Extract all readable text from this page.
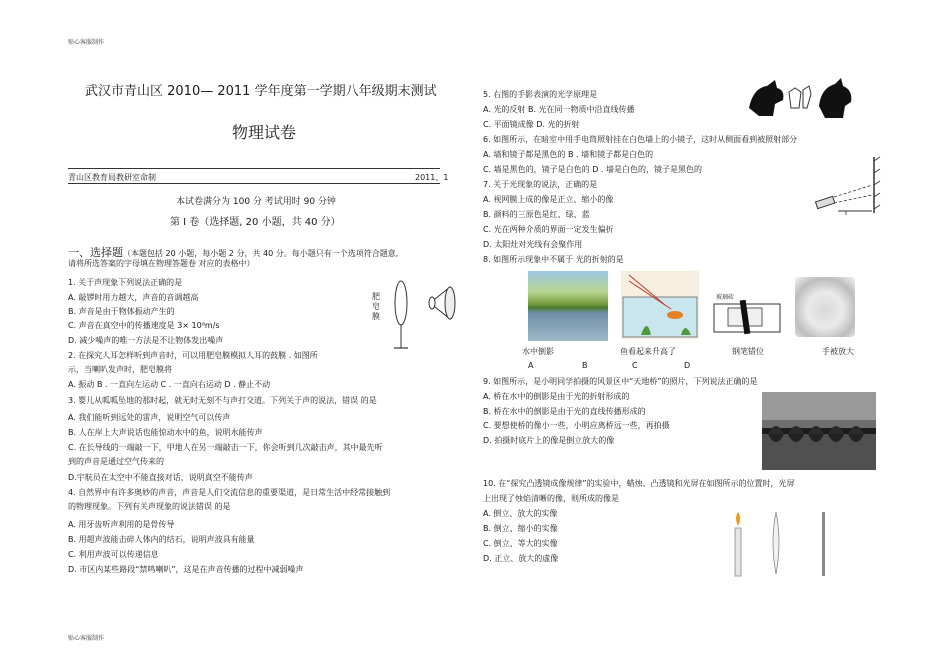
贴心客服制作
贴心客服制作
武汉市青山区 2010— 2011 学年度第一学期八年级期末测试
物理试卷
青山区教育局教研室命制	2011、1
本试卷满分为 100 分 考试用时 90 分钟
第 I 卷（选择题, 20 小题，共 40 分）
一、选择题（本题包括 20 小题，每小题 2 分，共 40 分。每小题只有一个选项符合题意,
请将所选答案的字母填在物理答题卷 对应的表格中）
1. 关于声现象下列说法正确的是
A. 敲锣时用力越大，声音的音调越高
B. 声音是由于物体振动产生的
C. 声音在真空中的传播速度是 3× 10⁸m/s
D. 减少噪声的唯一方法是不让物体发出噪声
2. 在探究人耳怎样听到声音时，可以用肥皂膜模拟人耳的鼓膜 . 如图所
示，当喇叭发声时，肥皂膜将
A. 振动 B . 一直向左运动 C . 一直向右运动 D . 静止不动
3. 婴儿从呱呱坠地的那时起，就无时无刻不与声打交道。下列关于声的说法，错误 的是
A. 我们能听到远处的雷声，说明空气可以传声
B. 人在岸上大声说话也能惊动水中的鱼，说明水能传声
C. 在长导线的一端敲一下，甲地人在另一端敲击一下，你会听到几次敲击声，其中最先听
到的声音是通过空气传来的
D.宇航员在太空中不能直接对话，说明真空不能传声
4. 自然界中有许多奥妙的声音，声音是人们交流信息的重要渠道，是日常生活中经常接触到
的物理现象。下列有关声现象的说法错误 的是
A. 用牙齿听声利用的是骨传导
B. 用超声波能击碎人体内的结石，说明声波具有能量
C. 利用声波可以传递信息
D. 市区内某些路段“禁鸣喇叭”，这是在声音传播的过程中减弱噪声
肥
皂
膜
5. 右图的手影表演的光学原理是
A. 光的反射 B. 光在同一物质中沿直线传播
C. 平面镜成像 D. 光的折射
6. 如图所示，在暗室中用手电筒照射挂在白色墙上的小镜子，这时从侧面看到被照射部分
A. 墙和镜子都是黑色的 B . 墙和镜子都是白色的
C. 墙是黑色的，镜子是白色的 D . 墙是白色的，镜子是黑色的
7. 关于光现象的说法，正确的是
A. 视网膜上成的像是正立、缩小的像
B. 颜料的三原色是红、绿、蓝
C. 光在两种介质的界面一定发生偏折
D. 太阳灶对光线有会聚作用
8. 如图所示现象中不属于 光的折射的是
玻璃砖
水中倒影	鱼看起来升高了	钢笔错位	手被放大
A	B	C	D
9. 如图所示，是小明同学拍摄的风景区中“天地桥”的照片，下列说法正确的是
A. 桥在水中的倒影是由于光的折射形成的
B. 桥在水中的倒影是由于光的直线传播形成的
C. 要想使桥的像小一些，小明应离桥远一些，再拍摄
D. 拍摄时底片上的像是倒立放大的像
10. 在“探究凸透镜成像规律”的实验中，蜡烛、凸透镜和光屏在如图所示的位置时，光屏
上出现了烛焰清晰的像，则所成的像是
A. 倒立、放大的实像
B. 倒立、缩小的实像
C. 倒立、等大的实像
D. 正立、放大的虚像
